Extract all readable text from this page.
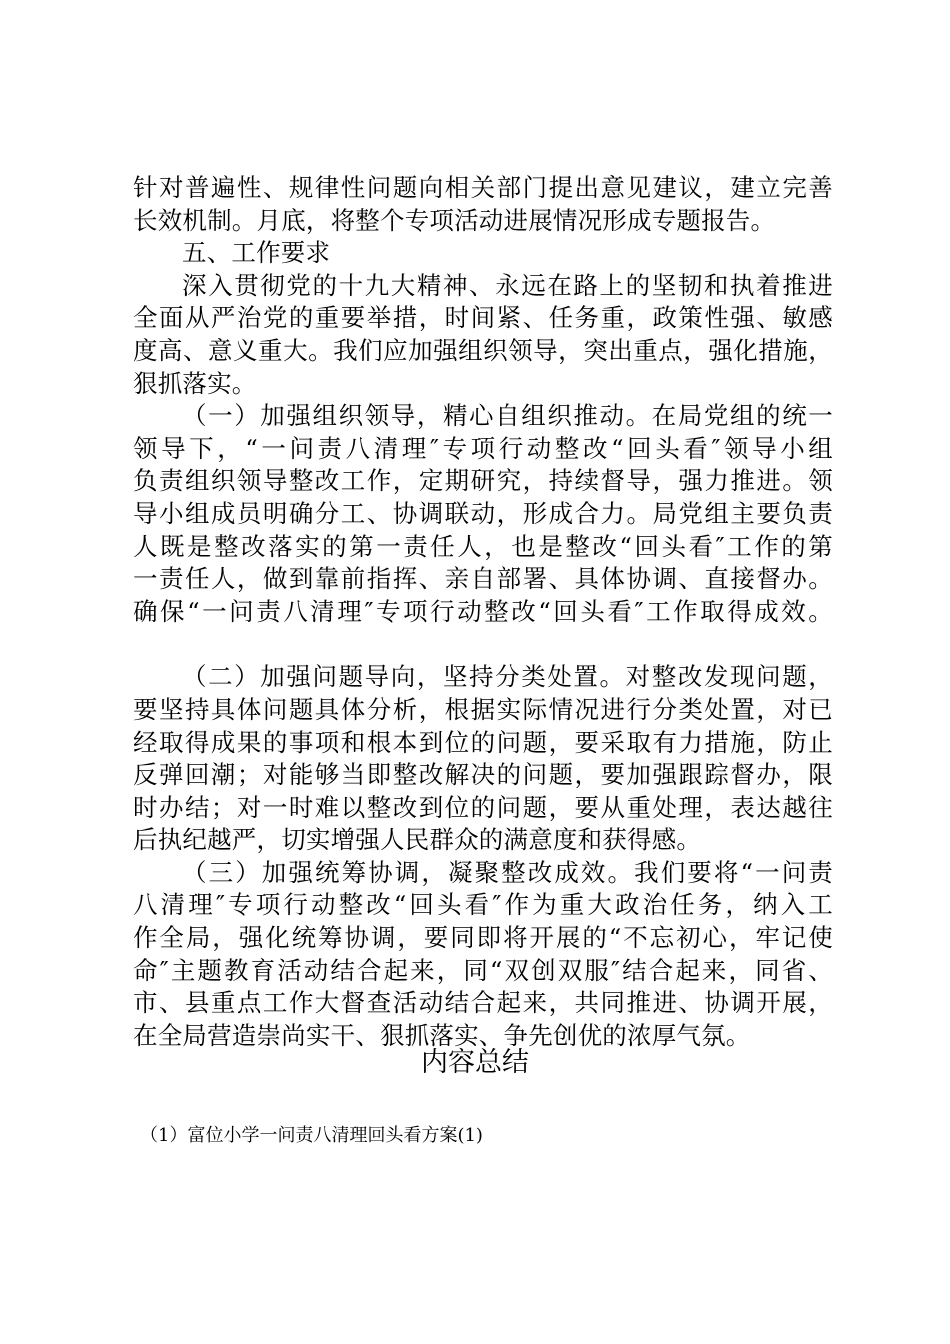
针对普遍性、规律性问题向相关部门提出意见建议，建立完善
长效机制。月底，将整个专项活动进展情况形成专题报告。
五、工作要求
深入贯彻党的十九大精神、永远在路上的坚韧和执着推进
全面从严治党的重要举措，时间紧、任务重，政策性强、敏感
度高、意义重大。我们应加强组织领导，突出重点，强化措施，
狠抓落实。
（一）加强组织领导，精心自组织推动。在局党组的统一
领导下，“一问责八清理″专项行动整改“回头看″领导小组
负责组织领导整改工作，定期研究，持续督导，强力推进。领
导小组成员明确分工、协调联动，形成合力。局党组主要负责
人既是整改落实的第一责任人，也是整改“回头看″工作的第
一责任人，做到靠前指挥、亲自部署、具体协调、直接督办。
确保“一问责八清理″专项行动整改“回头看″工作取得成效。
（二）加强问题导向，坚持分类处置。对整改发现问题，
要坚持具体问题具体分析，根据实际情况进行分类处置，对已
经取得成果的事项和根本到位的问题，要采取有力措施，防止
反弹回潮；对能够当即整改解决的问题，要加强跟踪督办，限
时办结；对一时难以整改到位的问题，要从重处理，表达越往
后执纪越严，切实增强人民群众的满意度和获得感。
（三）加强统筹协调，凝聚整改成效。我们要将“一问责
八清理″专项行动整改“回头看″作为重大政治任务，纳入工
作全局，强化统筹协调，要同即将开展的“不忘初心，牢记使
命″主题教育活动结合起来，同“双创双服″结合起来，同省、
市、县重点工作大督查活动结合起来，共同推进、协调开展，
在全局营造崇尚实干、狠抓落实、争先创优的浓厚气氛。
内容总结
（1）富位小学一问责八清理回头看方案(1)
